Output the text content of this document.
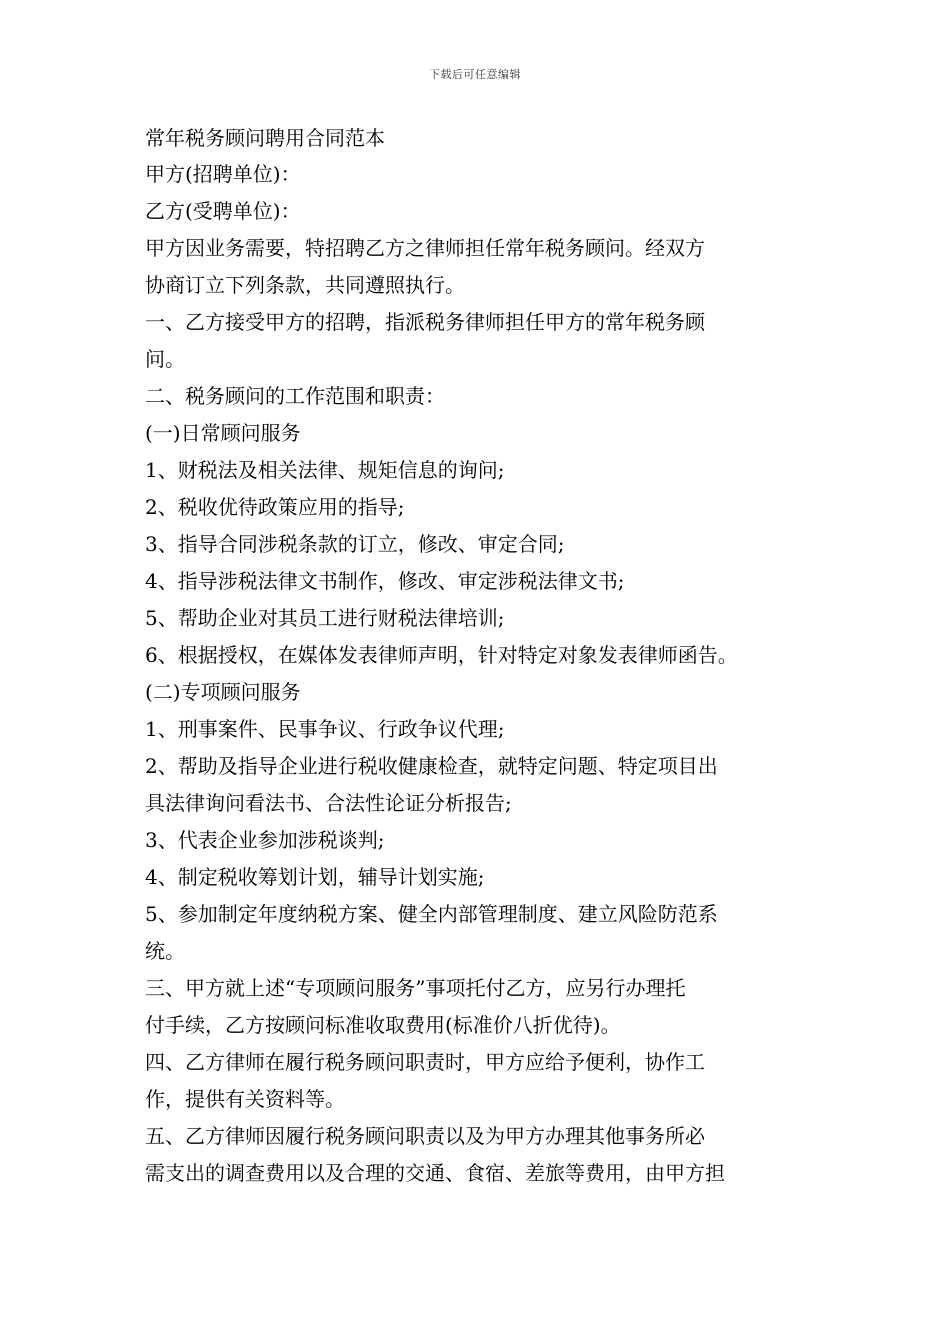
下载后可任意编辑
常年税务顾问聘用合同范本
甲方(招聘单位)：
乙方(受聘单位)：
甲方因业务需要，特招聘乙方之律师担任常年税务顾问。经双方
协商订立下列条款，共同遵照执行。
一、乙方接受甲方的招聘，指派税务律师担任甲方的常年税务顾
问。
二、税务顾问的工作范围和职责：
(一)日常顾问服务
1、财税法及相关法律、规矩信息的询问;
2、税收优待政策应用的指导;
3、指导合同涉税条款的订立，修改、审定合同;
4、指导涉税法律文书制作，修改、审定涉税法律文书;
5、帮助企业对其员工进行财税法律培训;
6、根据授权，在媒体发表律师声明，针对特定对象发表律师函告。
(二)专项顾问服务
1、刑事案件、民事争议、行政争议代理;
2、帮助及指导企业进行税收健康检查，就特定问题、特定项目出
具法律询问看法书、合法性论证分析报告;
3、代表企业参加涉税谈判;
4、制定税收筹划计划，辅导计划实施;
5、参加制定年度纳税方案、健全内部管理制度、建立风险防范系
统。
三、甲方就上述“专项顾问服务”事项托付乙方，应另行办理托
付手续，乙方按顾问标准收取费用(标准价八折优待)。
四、乙方律师在履行税务顾问职责时，甲方应给予便利，协作工
作，提供有关资料等。
五、乙方律师因履行税务顾问职责以及为甲方办理其他事务所必
需支出的调查费用以及合理的交通、食宿、差旅等费用，由甲方担
